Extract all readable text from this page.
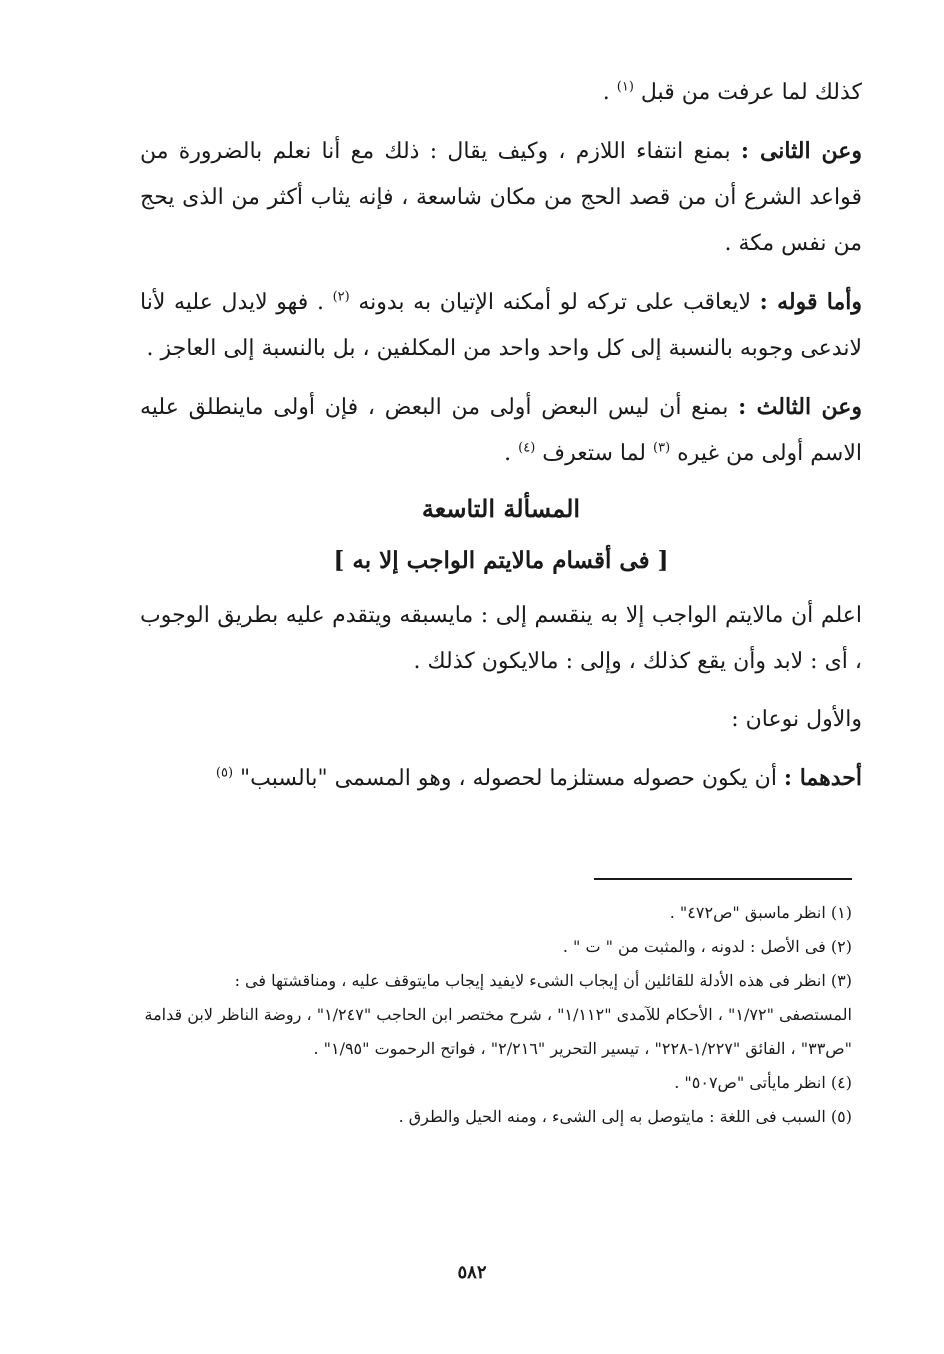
كذلك لما عرفت من قبل $^{(١)}$ .

وعن الثانى : بمنع انتفاء اللازم ، وكيف يقال : ذلك مع أنا نعلم بالضرورة من قواعد الشرع أن من قصد الحج من مكان شاسعة ، فإنه يثاب أكثر من الذى يحج من نفس مكة .

وأما قوله : لايعاقب على تركه لو أمكنه الإتيان به بدونه $^{(٢)}$ . فهو لايدل عليه لأنا لاندعى وجوبه بالنسبة إلى كل واحد واحد من المكلفين ، بل بالنسبة إلى العاجز .

وعن الثالث : بمنع أن ليس البعض أولى من البعض ، فإن أولى ماينطلق عليه الاسم أولى من غيره $^{(٣)}$ لما ستعرف $^{(٤)}$ .

المسألة التاسعة
[ فى أقسام مالايتم الواجب إلا به ]

اعلم أن مالايتم الواجب إلا به ينقسم إلى : مايسبقه ويتقدم عليه بطريق الوجوب ، أى : لابد وأن يقع كذلك ، وإلى : مالايكون كذلك .

والأول نوعان :

أحدهما : أن يكون حصوله مستلزما لحصوله ، وهو المسمى "بالسبب" $^{(٥)}$

(١) انظر ماسبق "ص٤٧٢" .

(٢) فى الأصل : لدونه ، والمثبت من " ت " .

(٣) انظر فى هذه الأدلة للقائلين أن إيجاب الشىء لايفيد إيجاب مايتوقف عليه ، ومناقشتها فى :

المستصفى "١/٧٢" ، الأحكام للآمدى "١/١١٢" ، شرح مختصر ابن الحاجب "١/٢٤٧" ، روضة الناظر لابن قدامة "ص٣٣" ، الفائق "١/٢٢٧-٢٢٨" ، تيسير التحرير "٢/٢١٦" ، فواتح الرحموت "١/٩٥" .

(٤) انظر مايأتى "ص٥٠٧" .

(٥) السبب فى اللغة : مايتوصل به إلى الشىء ، ومنه الحيل والطرق .

٥٨٢
